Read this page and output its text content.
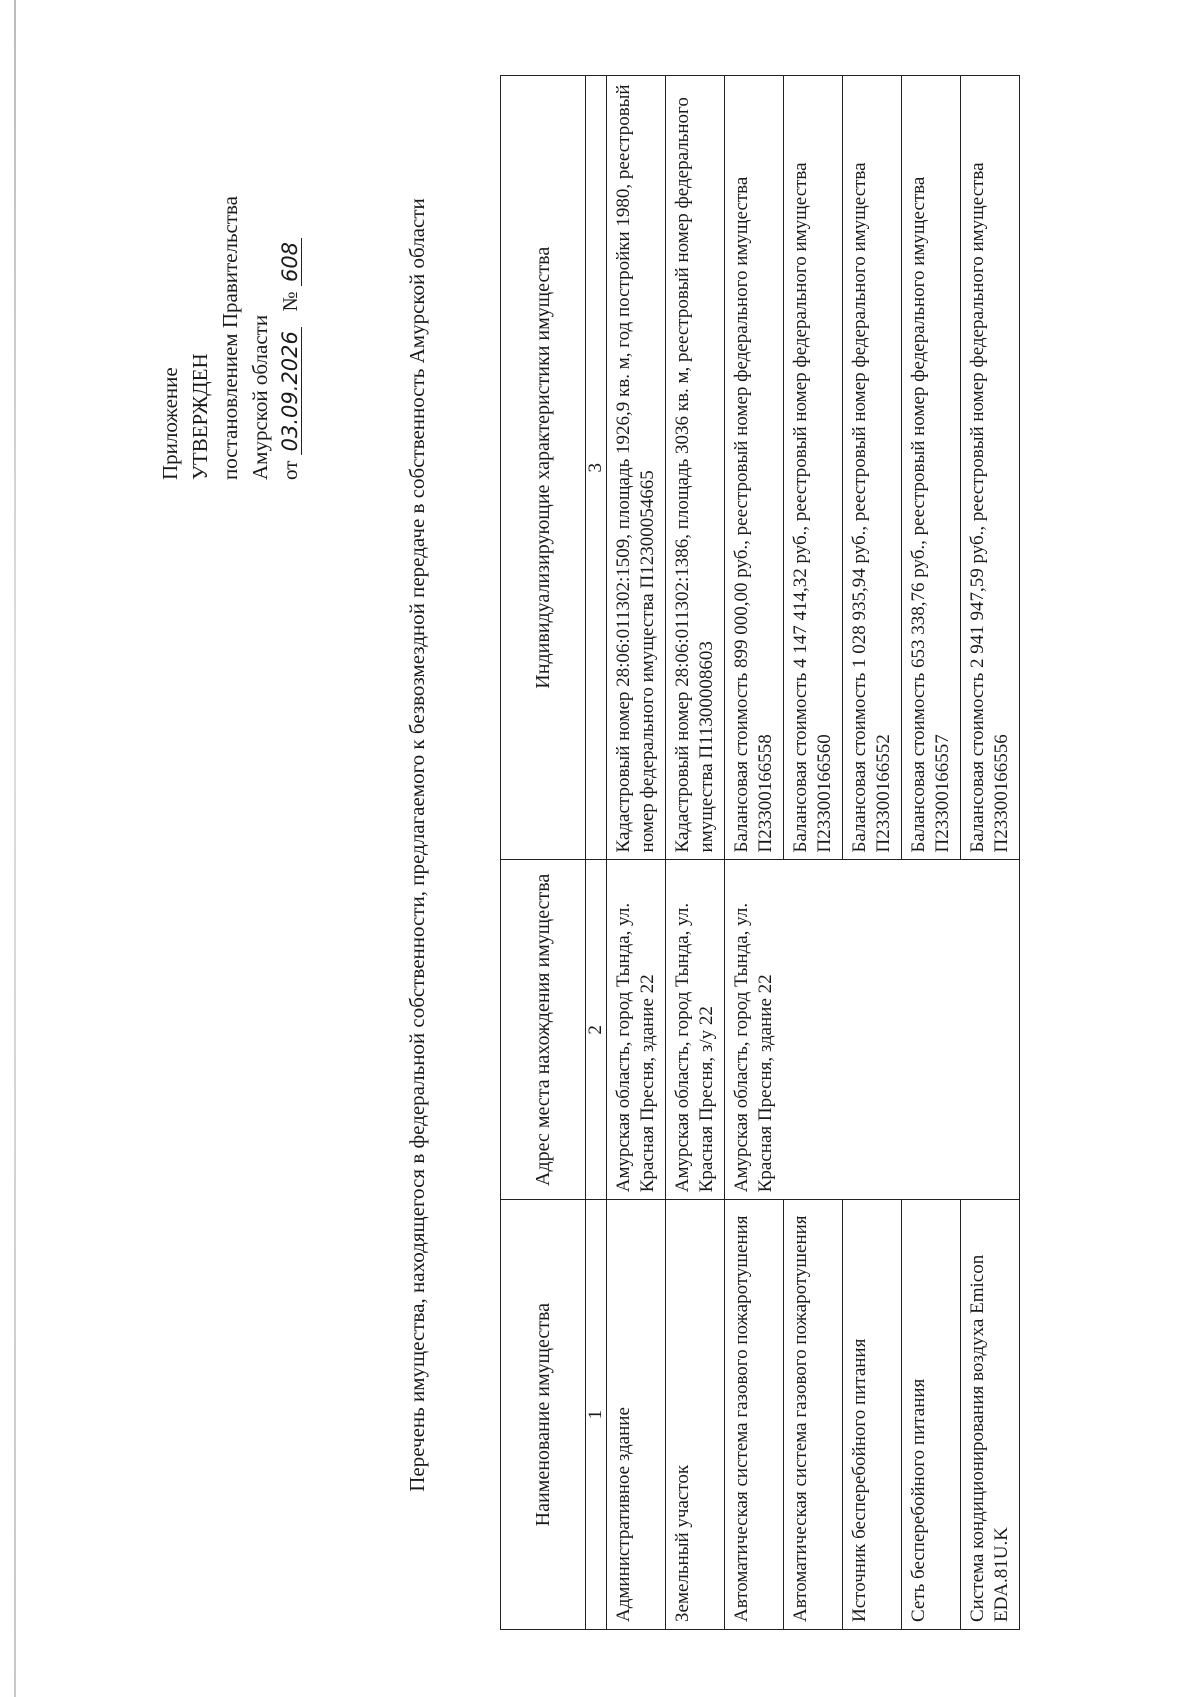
Приложение УТВЕРЖДЕН постановлением Правительства Амурской области от 03.09.2026   № 608	Перечень имущества, находящегося в федеральной собственности, предлагаемого к безвозмездной передаче в собственность Амурской области	Наименование имущества	Адрес места нахождения имущества	Индивидуализирующие характеристики имущества
1	2	3
Административное здание	Амурская область, город Тында, ул. Красная Пресня, здание 22	Кадастровый номер 28:06:011302:1509, площадь 1926,9 кв. м, год постройки 1980, реестровый номер федерального имущества П12300054665
Земельный участок	Амурская область, город Тында, ул. Красная Пресня, з/у 22	Кадастровый номер 28:06:011302:1386, площадь 3036 кв. м, реестровый номер федерального имущества П11300008603
Автоматическая система газового пожаротушения	Амурская область, город Тында, ул. Красная Пресня, здание 22	Балансовая стоимость 899 000,00 руб., реестровый номер федерального имущества П23300166558
Автоматическая система газового пожаротушения		Балансовая стоимость 4 147 414,32 руб., реестровый номер федерального имущества П23300166560
Источник бесперебойного питания		Балансовая стоимость 1 028 935,94 руб., реестровый номер федерального имущества П23300166552
Сеть бесперебойного питания		Балансовая стоимость 653 338,76 руб., реестровый номер федерального имущества П23300166557
Система кондиционирования воздуха Emicon EDA.81U.K		Балансовая стоимость 2 941 947,59 руб., реестровый номер федерального имущества П23300166556
